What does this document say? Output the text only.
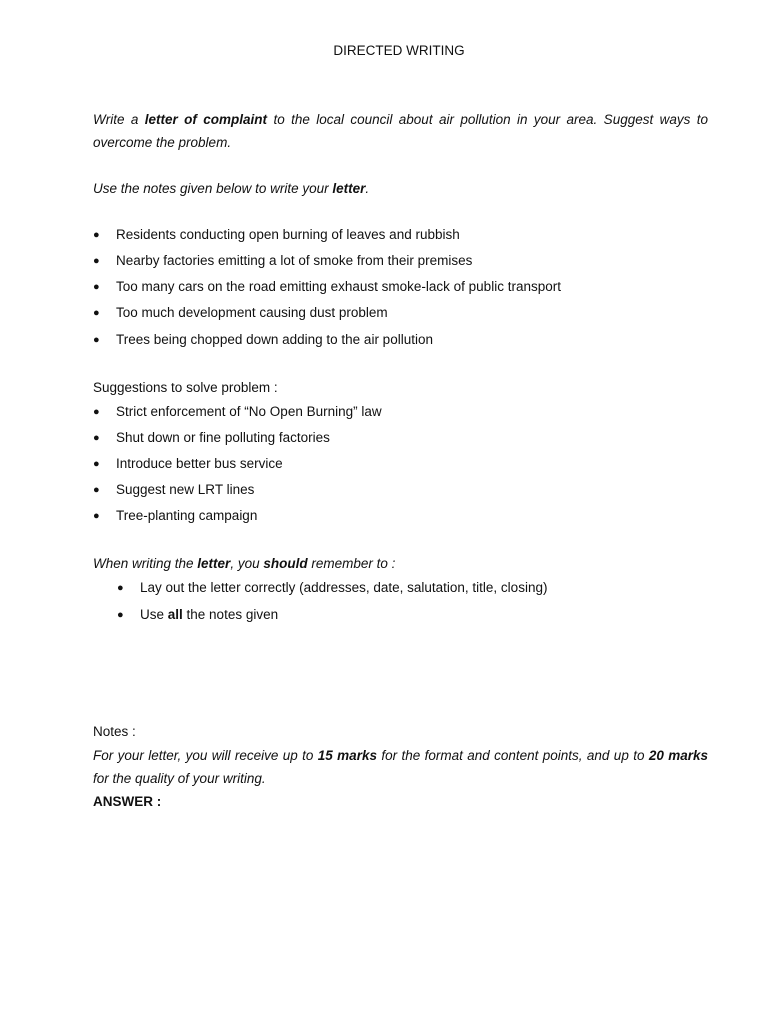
DIRECTED WRITING
Write a letter of complaint to the local council about air pollution in your area. Suggest ways to overcome the problem.
Use the notes given below to write your letter.
● Residents conducting open burning of leaves and rubbish
● Nearby factories emitting a lot of smoke from their premises
● Too many cars on the road emitting exhaust smoke-lack of public transport
● Too much development causing dust problem
● Trees being chopped down adding to the air pollution
Suggestions to solve problem :
● Strict enforcement of “No Open Burning” law
● Shut down or fine polluting factories
● Introduce better bus service
● Suggest new LRT lines
● Tree-planting campaign
When writing the letter, you should remember to :
● Lay out the letter correctly (addresses, date, salutation, title, closing)
● Use all the notes given
Notes :
For your letter, you will receive up to 15 marks for the format and content points, and up to 20 marks for the quality of your writing.
ANSWER :
